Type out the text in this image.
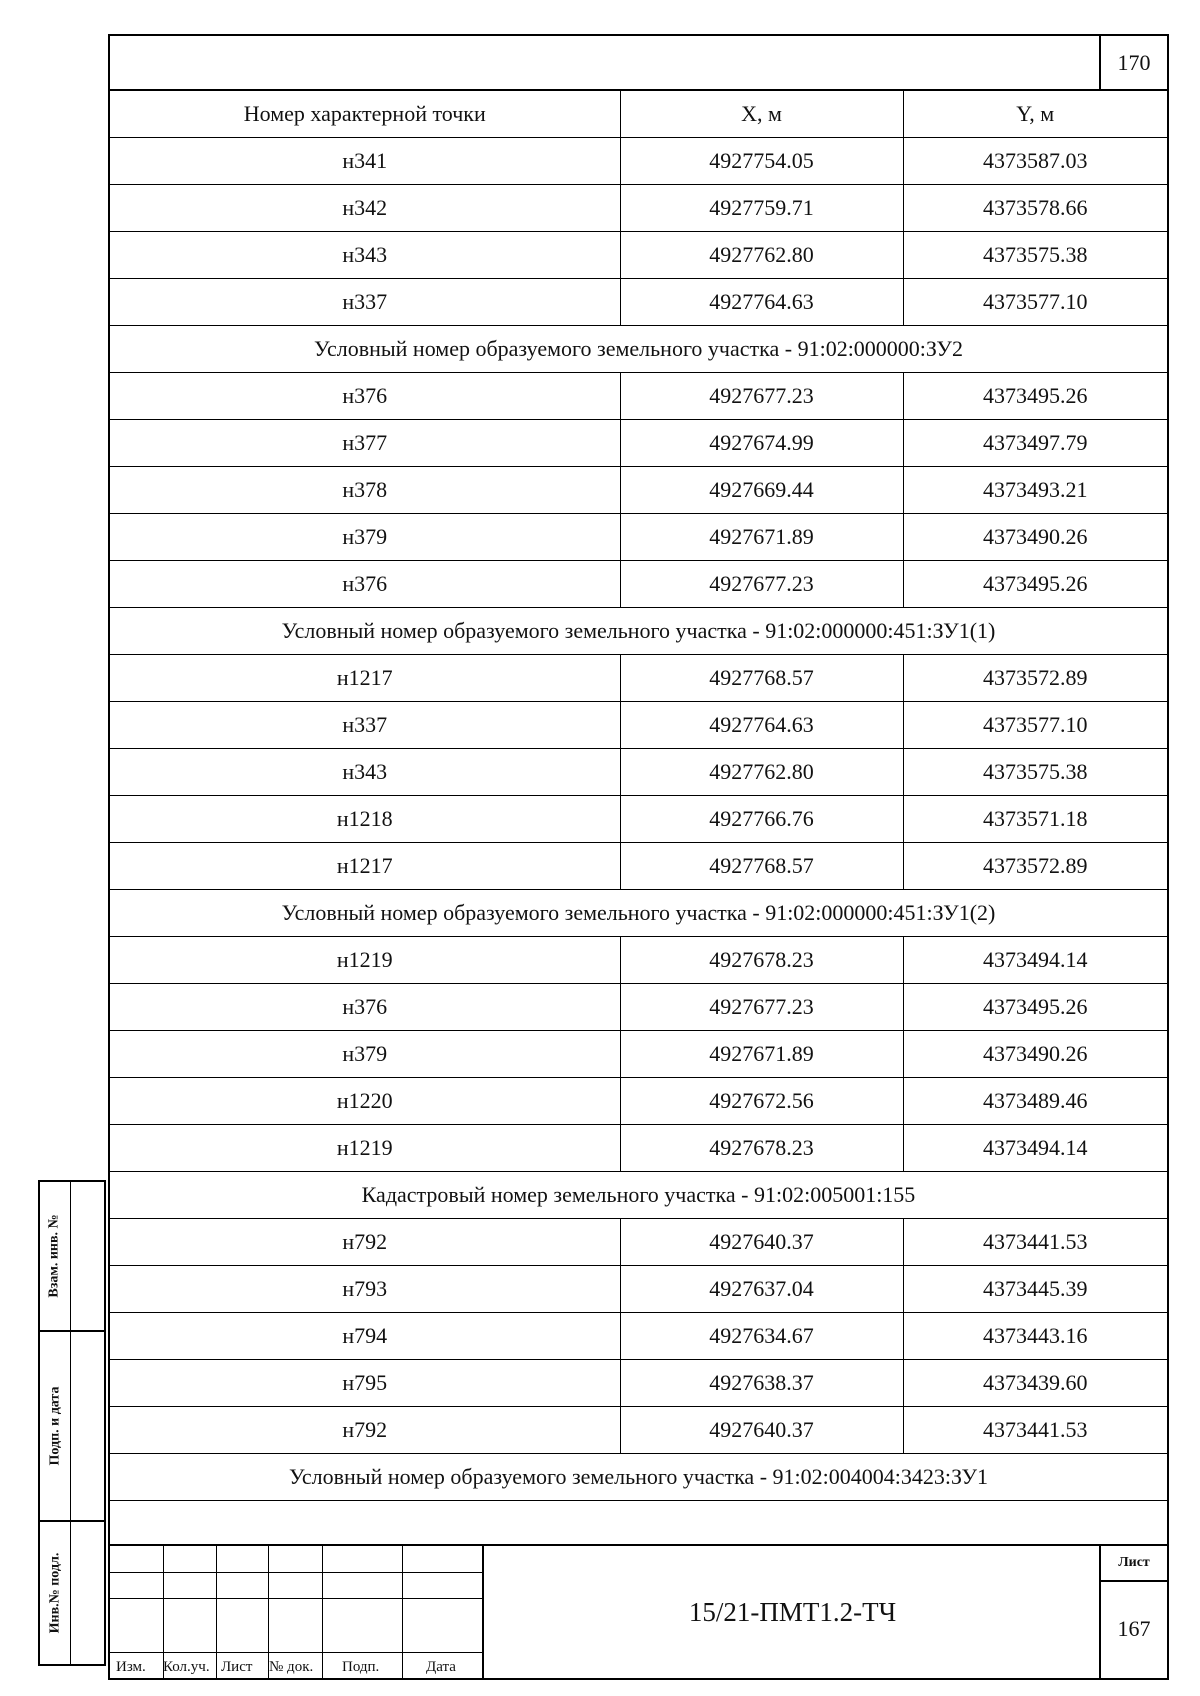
170
Номер характерной точки	X, м	Y, м
н341	4927754.05	4373587.03
н342	4927759.71	4373578.66
н343	4927762.80	4373575.38
н337	4927764.63	4373577.10
Условный номер образуемого земельного участка - 91:02:000000:ЗУ2		
н376	4927677.23	4373495.26
н377	4927674.99	4373497.79
н378	4927669.44	4373493.21
н379	4927671.89	4373490.26
н376	4927677.23	4373495.26
Условный номер образуемого земельного участка - 91:02:000000:451:ЗУ1(1)		
н1217	4927768.57	4373572.89
н337	4927764.63	4373577.10
н343	4927762.80	4373575.38
н1218	4927766.76	4373571.18
н1217	4927768.57	4373572.89
Условный номер образуемого земельного участка - 91:02:000000:451:ЗУ1(2)		
н1219	4927678.23	4373494.14
н376	4927677.23	4373495.26
н379	4927671.89	4373490.26
н1220	4927672.56	4373489.46
н1219	4927678.23	4373494.14
Кадастровый номер земельного участка - 91:02:005001:155		
н792	4927640.37	4373441.53
н793	4927637.04	4373445.39
н794	4927634.67	4373443.16
н795	4927638.37	4373439.60
н792	4927640.37	4373441.53
Условный номер образуемого земельного участка - 91:02:004004:3423:ЗУ1		
Изм. Кол.уч. Лист № док. Подп.	Дата
15/21-ПМТ1.2-ТЧ
Лист
167
Взам. инв. №
Подп. и дата
Инв.№ подл.
